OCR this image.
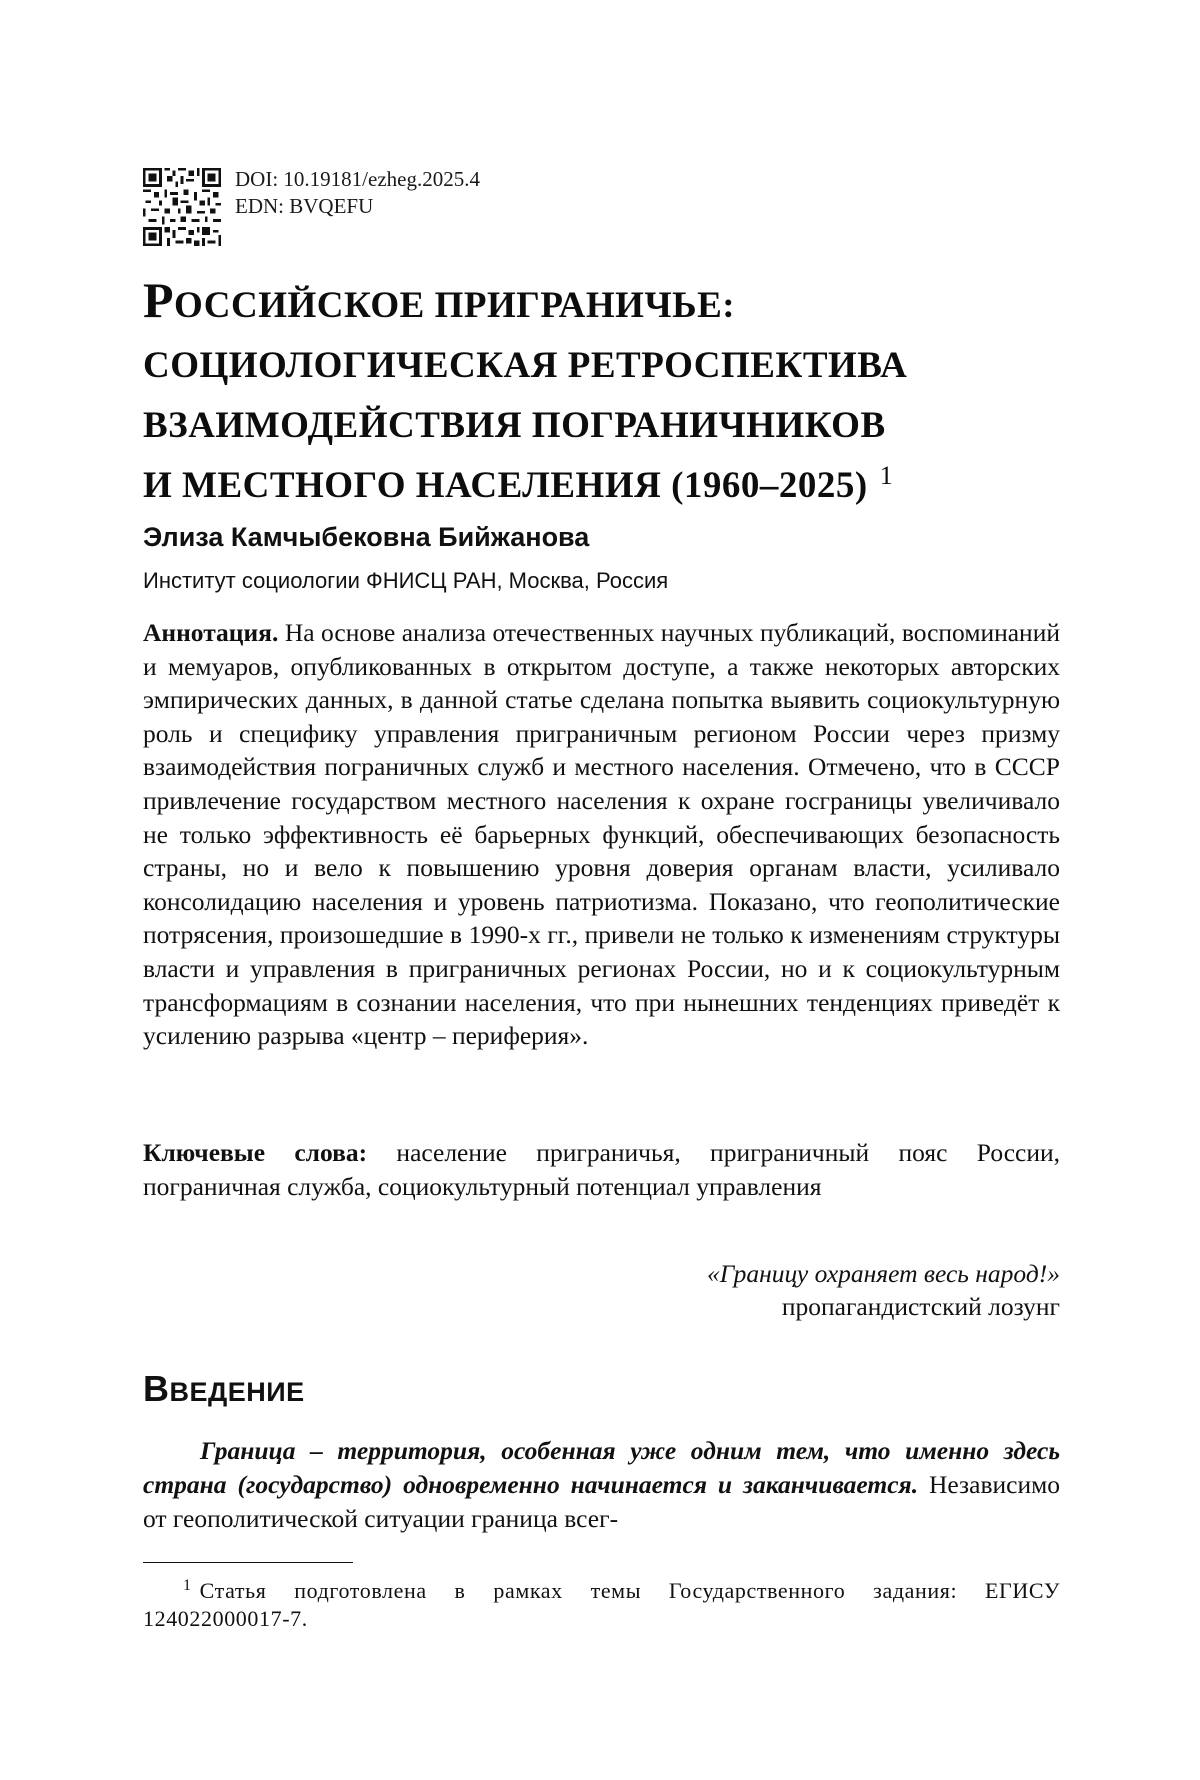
DOI: 10.19181/ezheg.2025.4
EDN: BVQEFU
РОССИЙСКОЕ ПРИГРАНИЧЬЕ:
СОЦИОЛОГИЧЕСКАЯ РЕТРОСПЕКТИВА
ВЗАИМОДЕЙСТВИЯ ПОГРАНИЧНИКОВ
И МЕСТНОГО НАСЕЛЕНИЯ (1960–2025) $^1$
Элиза Камчыбековна Бийжанова
Институт социологии ФНИСЦ РАН, Москва, Россия

Аннотация. На основе анализа отечественных научных публикаций, воспоминаний и мемуаров, опубликованных в открытом доступе, а также некоторых авторских эмпирических данных, в данной статье сделана попытка выявить социокультурную роль и специфику управления приграничным регионом России через призму взаимодействия пограничных служб и местного населения. Отмечено, что в СССР привлечение государством местного населения к охране госграницы увеличивало не только эффективность её барьерных функций, обеспечивающих безопасность страны, но и вело к повышению уровня доверия органам власти, усиливало консолидацию населения и уровень патриотизма. Показано, что геополитические потрясения, произошедшие в 1990-х гг., привели не только к изменениям структуры власти и управления в приграничных регионах России, но и к социокультурным трансформациям в сознании населения, что при нынешних тенденциях приведёт к усилению разрыва «центр – периферия».

Ключевые слова: население приграничья, приграничный пояс России, пограничная служба, социокультурный потенциал управления

«Границу охраняет весь народ!»
пропагандистский лозунг
ВВЕДЕНИЕ

Граница – территория, особенная уже одним тем, что именно здесь страна (государство) одновременно начинается и заканчивается. Независимо от геополитической ситуации граница всег-

$^1$ Статья подготовлена в рамках темы Государственного задания: ЕГИСУ 124022000017-7.
